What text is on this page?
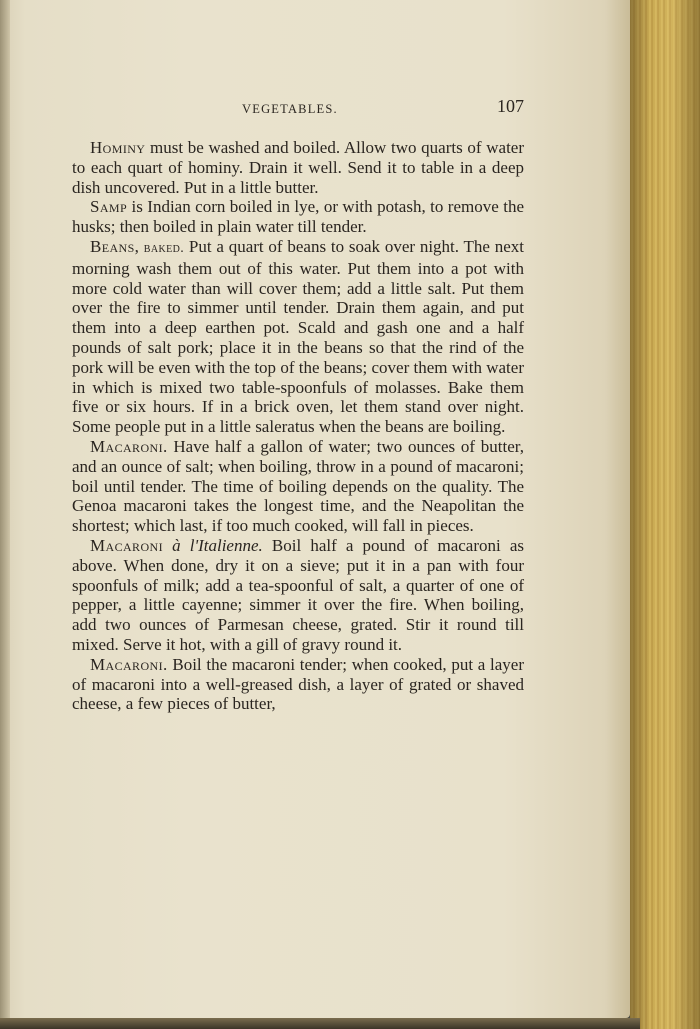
VEGETABLES.	107

Hominy must be washed and boiled. Allow two quarts of water to each quart of hominy. Drain it well. Send it to table in a deep dish uncovered. Put in a little butter.

Samp is Indian corn boiled in lye, or with potash, to remove the husks; then boiled in plain water till tender.

Beans, baked. Put a quart of beans to soak over night. The next morning wash them out of this water. Put them into a pot with more cold water than will cover them; add a little salt. Put them over the fire to simmer until tender. Drain them again, and put them into a deep earthen pot. Scald and gash one and a half pounds of salt pork; place it in the beans so that the rind of the pork will be even with the top of the beans; cover them with water in which is mixed two table-spoonfuls of molasses. Bake them five or six hours. If in a brick oven, let them stand over night. Some people put in a little saleratus when the beans are boiling.

Macaroni. Have half a gallon of water; two ounces of butter, and an ounce of salt; when boiling, throw in a pound of macaroni; boil until tender. The time of boiling depends on the quality. The Genoa macaroni takes the longest time, and the Neapolitan the shortest; which last, if too much cooked, will fall in pieces.

Macaroni à l'Italienne. Boil half a pound of macaroni as above. When done, dry it on a sieve; put it in a pan with four spoonfuls of milk; add a tea-spoonful of salt, a quarter of one of pepper, a little cayenne; simmer it over the fire. When boiling, add two ounces of Parmesan cheese, grated. Stir it round till mixed. Serve it hot, with a gill of gravy round it.

Macaroni. Boil the macaroni tender; when cooked, put a layer of macaroni into a well-greased dish, a layer of grated or shaved cheese, a few pieces of butter,
